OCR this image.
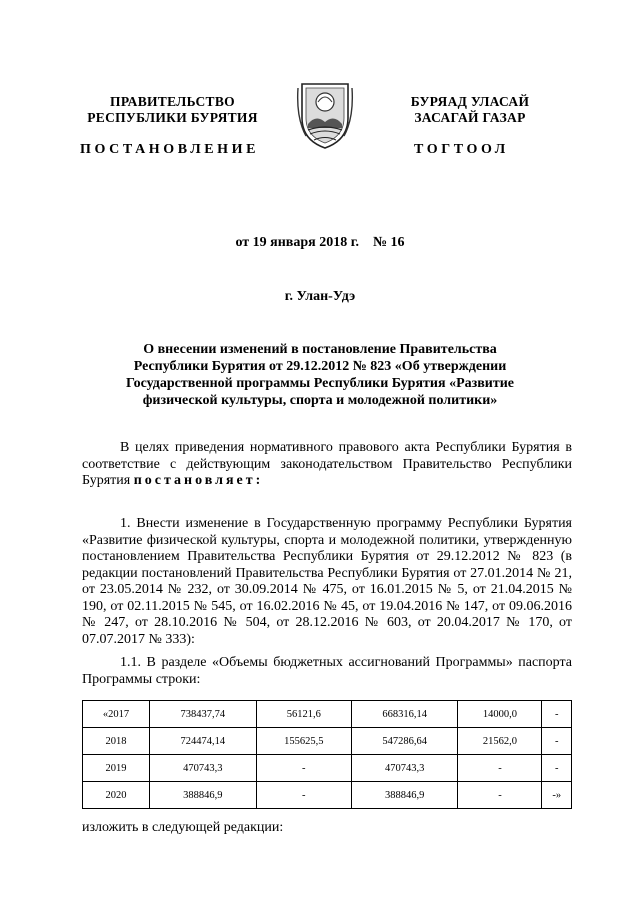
ПРАВИТЕЛЬСТВО
РЕСПУБЛИКИ БУРЯТИЯ
БУРЯАД УЛАСАЙ
ЗАСАГАЙ ГАЗАР
ПОСТАНОВЛЕНИЕ	ТОГТООЛ
от 19 января 2018 г.    № 16
г. Улан-Удэ
О внесении изменений в постановление Правительства
Республики Бурятия от 29.12.2012 № 823 «Об утверждении
Государственной программы Республики Бурятия «Развитие
физической культуры, спорта и молодежной политики»
В целях приведения нормативного правового акта Республики Бурятия в соответствие с действующим законодательством Правительство Республики Бурятия постановляет:
1. Внести изменение в Государственную программу Республики Бурятия «Развитие физической культуры, спорта и молодежной политики, утвержденную постановлением Правительства Республики Бурятия от 29.12.2012 № 823 (в редакции постановлений Правительства Республики Бурятия от 27.01.2014 № 21, от 23.05.2014 № 232, от 30.09.2014 № 475, от 16.01.2015 № 5, от 21.04.2015 № 190, от 02.11.2015 № 545, от 16.02.2016 № 45, от 19.04.2016 № 147, от 09.06.2016 № 247, от 28.10.2016 № 504, от 28.12.2016 № 603, от 20.04.2017 № 170, от 07.07.2017 № 333):
1.1. В разделе «Объемы бюджетных ассигнований Программы» паспорта Программы строки:
«2017	738437,74	56121,6	668316,14	14000,0	-
2018	724474,14	155625,5	547286,64	21562,0	-
2019	470743,3	-	470743,3	-	-
2020	388846,9	-	388846,9	-	-»
изложить в следующей редакции:
